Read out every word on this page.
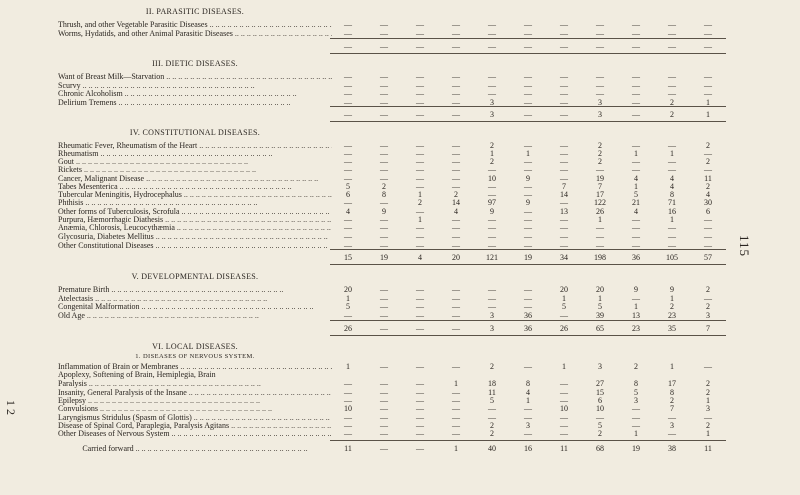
II. PARASITIC DISEASES.
Thrush, and other Vegetable Parasitic Diseases .. ..	—	—	—	—	—	—	—	—	—	—	—
Worms, Hydatids, and other Animal Parasitic Diseases .. ..	—	—	—	—	—	—	—	—	—	—	—
—	—	—	—	—	—	—	—	—	—	—
III. DIETIC DISEASES.
Want of Breast Milk—Starvation .. ..	—	—	—	—	—	—	—	—	—	—	—
Scurvy .. ..	—	—	—	—	—	—	—	—	—	—	—
Chronic Alcoholism .. ..	—	—	—	—	—	—	—	—	—	—	—
Delirium Tremens .. ..	—	—	—	—	3	—	—	3	—	2	1
—	—	—	—	3	—	—	3	—	2	1
IV. CONSTITUTIONAL DISEASES.
Rheumatic Fever, Rheumatism of the Heart .. ..	—	—	—	—	2	—	—	2	—	—	2
Rheumatism .. ..	—	—	—	—	1	1	—	2	1	1	—
Gout .. ..	—	—	—	—	2	—	—	2	—	—	2
Rickets .. ..	—	—	—	—	—	—	—	—	—	—	—
Cancer, Malignant Disease .. ..	—	—	—	—	10	9	—	19	4	4	11
Tabes Mesenterica .. ..	5	2	—	—	—	—	7	7	1	4	2
Tubercular Meningitis, Hydrocephalus .. ..	6	8	1	2	—	—	14	17	5	8	4
Phthisis .. ..	—	—	2	14	97	9	—	122	21	71	30
Other forms of Tuberculosis, Scrofula .. ..	4	9	—	4	9	—	13	26	4	16	6
Purpura, Hæmorrhagic Diathesis .. ..	—	—	1	—	—	—	—	1	—	1	—
Anæmia, Chlorosis, Leucocythæmia .. ..	—	—	—	—	—	—	—	—	—	—	—
Glycosuria, Diabetes Mellitus .. ..	—	—	—	—	—	—	—	—	—	—	—
Other Constitutional Diseases .. ..	—	—	—	—	—	—	—	—	—	—	—
15	19	4	20	121	19	34	198	36	105	57
V. DEVELOPMENTAL DISEASES.
Premature Birth .. ..	20	—	—	—	—	—	20	20	9	9	2
Atelectasis .. ..	1	—	—	—	—	—	1	1	—	1	—
Congenital Malformation .. ..	5	—	—	—	—	—	5	5	1	2	2
Old Age .. ..	—	—	—	—	3	36	—	39	13	23	3
26	—	—	—	3	36	26	65	23	35	7
VI. LOCAL DISEASES.
1. DISEASES OF NERVOUS SYSTEM.
Inflammation of Brain or Membranes .. ..	1	—	—	—	2	—	1	3	2	1	—
Apoplexy, Softening of Brain, Hemiplegia, Brain
Paralysis .. ..	—	—	—	1	18	8	—	27	8	17	2
Insanity, General Paralysis of the Insane .. ..	—	—	—	—	11	4	—	15	5	8	2
Epilepsy .. ..	—	—	—	—	5	1	—	6	3	2	1
Convulsions .. ..	10	—	—	—	—	—	10	10	—	7	3
Laryngismus Stridulus (Spasm of Glottis) .. ..	—	—	—	—	—	—	—	—	—	—	—
Disease of Spinal Cord, Paraplegia, Paralysis Agitans .. ..	—	—	—	—	2	3	—	5	—	3	2
Other Diseases of Nervous System .. ..	—	—	—	—	2	—	—	2	1	—	1
Carried forward .. ..	11	—	—	1	40	16	11	68	19	38	11
115
1 2
